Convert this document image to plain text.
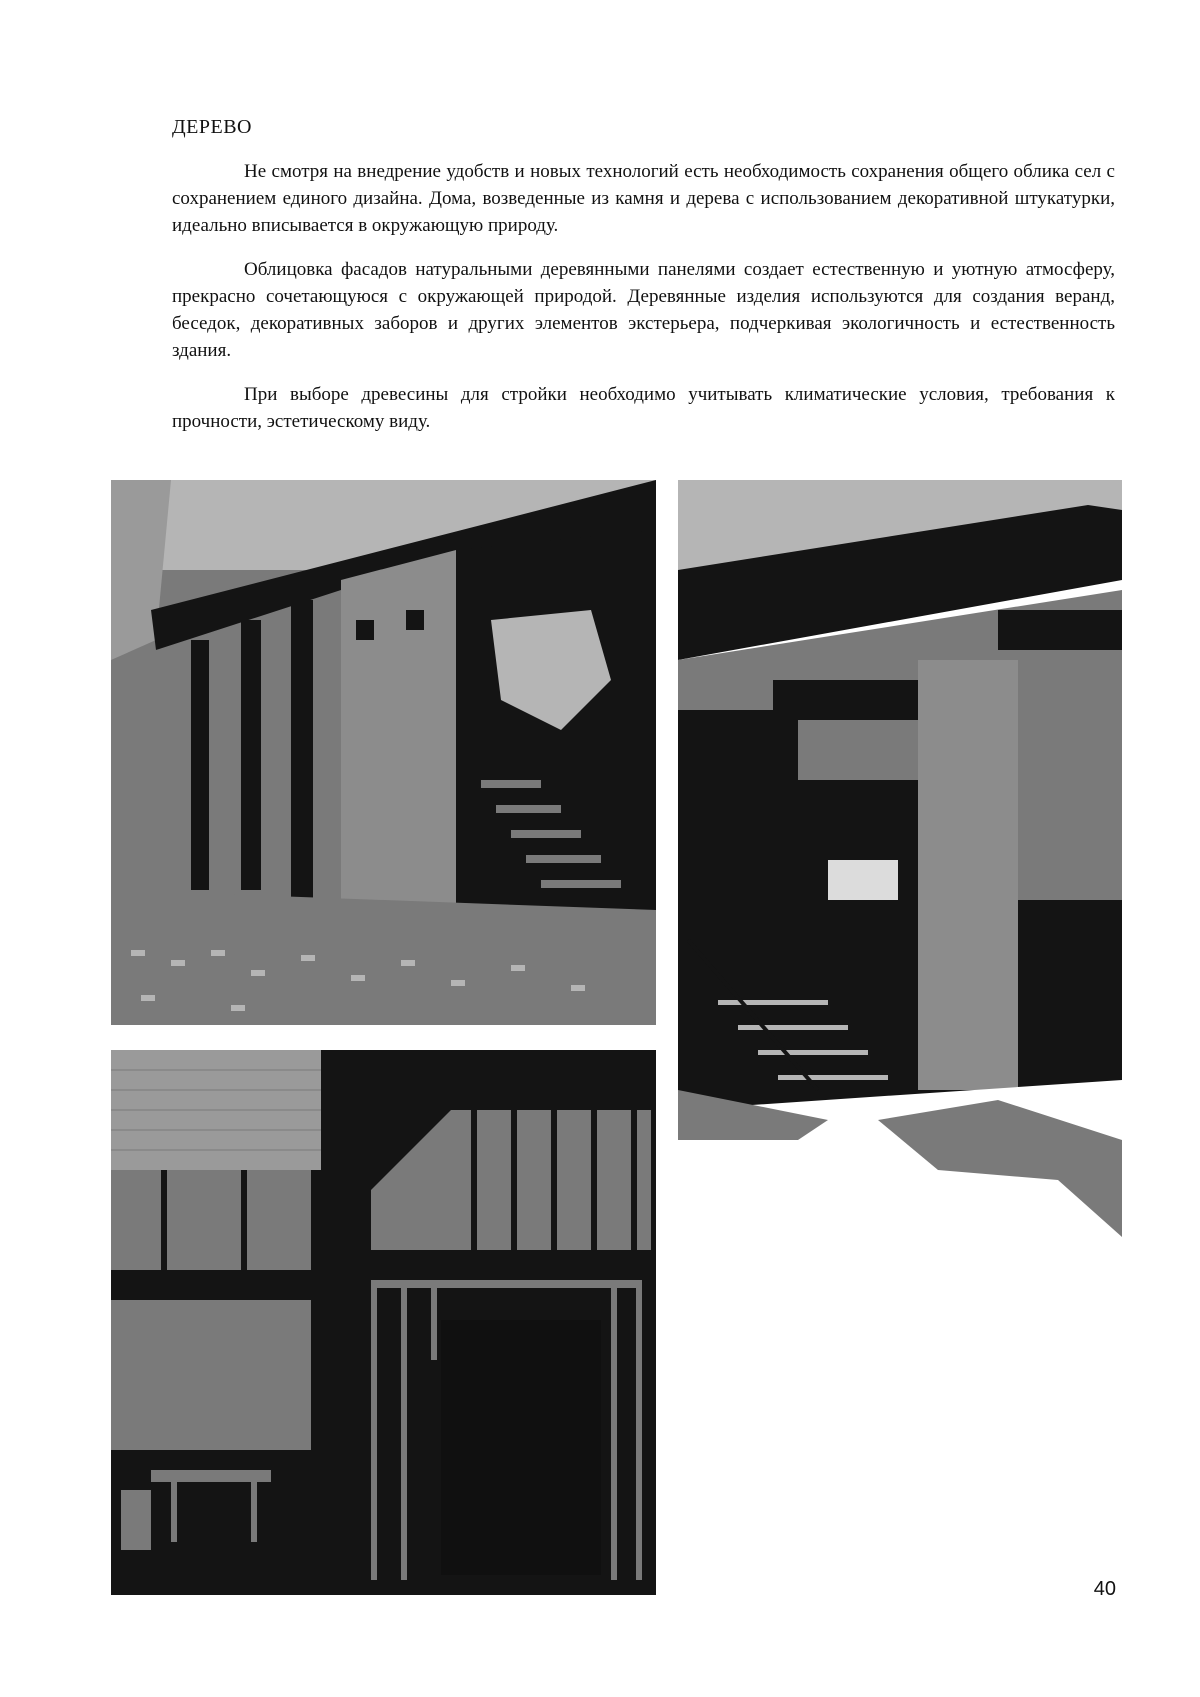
ДЕРЕВО

Не смотря на внедрение удобств и новых технологий есть необходимость сохранения общего облика сел с сохранением единого дизайна. Дома, возведенные из камня и дерева с использованием декоративной штукатурки, идеально вписывается в окружающую природу.

Облицовка фасадов натуральными деревянными панелями создает естественную и уютную атмосферу, прекрасно сочетающуюся с окружающей природой. Деревянные изделия используются для создания веранд, беседок, декоративных заборов и других элементов экстерьера, подчеркивая экологичность и естественность здания.

При выборе древесины для стройки необходимо учитывать климатические условия, требования к прочности, эстетическому виду.

40
